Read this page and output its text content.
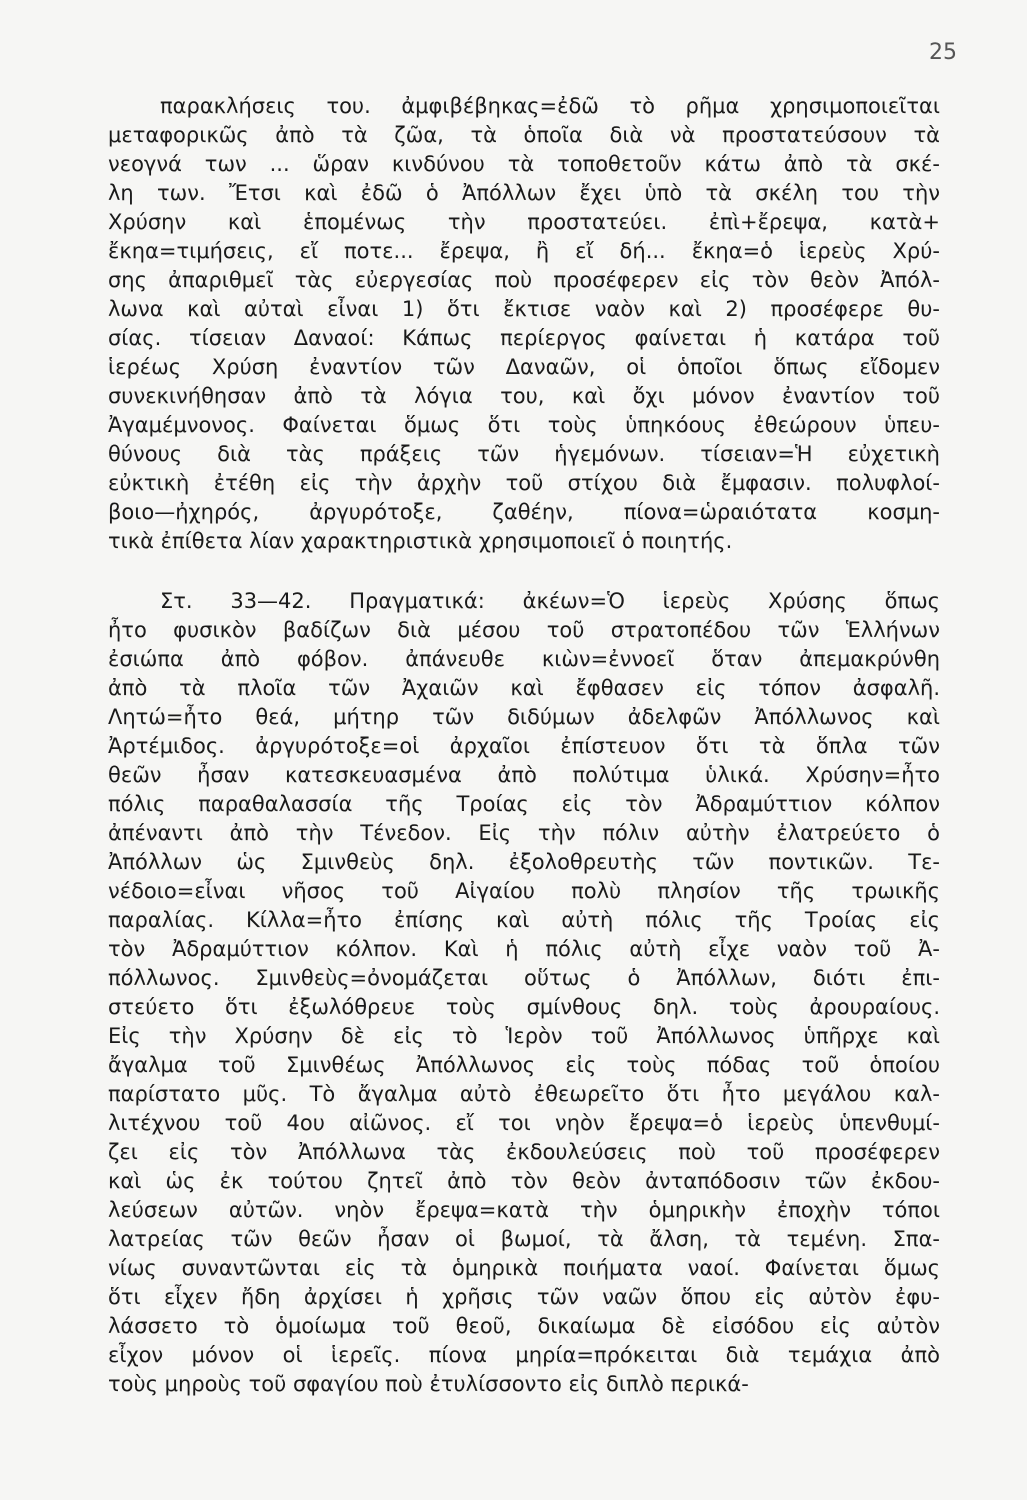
25
παρακλήσεις του. ἀμφιβέβηκας=ἐδῶ τὸ ρῆμα χρησιμοποιεῖται
μεταφορικῶς ἀπὸ τὰ ζῶα, τὰ ὁποῖα διὰ νὰ προστατεύσουν τὰ
νεογνά των ... ὥραν κινδύνου τὰ τοποθετοῦν κάτω ἀπὸ τὰ σκέ-
λη των. Ἔτσι καὶ ἐδῶ ὁ Ἀπόλλων ἔχει ὑπὸ τὰ σκέλη του τὴν
Χρύσην καὶ ἑπομένως τὴν προστατεύει. ἐπὶ+ἔρεψα, κατὰ+
ἔκηα=τιμήσεις, εἴ ποτε... ἔρεψα, ἢ εἴ δή... ἔκηα=ὁ ἱερεὺς Χρύ-
σης ἀπαριθμεῖ τὰς εὐεργεσίας ποὺ προσέφερεν εἰς τὸν θεὸν Ἀπόλ-
λωνα καὶ αὐταὶ εἶναι 1) ὅτι ἔκτισε ναὸν καὶ 2) προσέφερε θυ-
σίας. τίσειαν Δαναοί: Κάπως περίεργος φαίνεται ἡ κατάρα τοῦ
ἱερέως Χρύση ἐναντίον τῶν Δαναῶν, οἱ ὁποῖοι ὅπως εἴδομεν
συνεκινήθησαν ἀπὸ τὰ λόγια του, καὶ ὄχι μόνον ἐναντίον τοῦ
Ἀγαμέμνονος. Φαίνεται ὅμως ὅτι τοὺς ὑπηκόους ἐθεώρουν ὑπευ-
θύνους διὰ τὰς πράξεις τῶν ἡγεμόνων. τίσειαν=Ἡ εὐχετικὴ
εὐκτικὴ ἐτέθη εἰς τὴν ἀρχὴν τοῦ στίχου διὰ ἔμφασιν. πολυφλοί-
βοιο—ἠχηρός, ἀργυρότοξε, ζαθέην, πίονα=ὡραιότατα κοσμη-
τικὰ ἐπίθετα λίαν χαρακτηριστικὰ χρησιμοποιεῖ ὁ ποιητής.
Στ. 33—42. Πραγματικά: ἀκέων=Ὁ ἱερεὺς Χρύσης ὅπως
ἦτο φυσικὸν βαδίζων διὰ μέσου τοῦ στρατοπέδου τῶν Ἑλλήνων
ἐσιώπα ἀπὸ φόβον. ἀπάνευθε κιὼν=ἐννοεῖ ὅταν ἀπεμακρύνθη
ἀπὸ τὰ πλοῖα τῶν Ἀχαιῶν καὶ ἔφθασεν εἰς τόπον ἀσφαλῆ.
Λητώ=ἦτο θεά, μήτηρ τῶν διδύμων ἀδελφῶν Ἀπόλλωνος καὶ
Ἀρτέμιδος. ἀργυρότοξε=οἱ ἀρχαῖοι ἐπίστευον ὅτι τὰ ὅπλα τῶν
θεῶν ἦσαν κατεσκευασμένα ἀπὸ πολύτιμα ὑλικά. Χρύσην=ἦτο
πόλις παραθαλασσία τῆς Τροίας εἰς τὸν Ἀδραμύττιον κόλπον
ἀπέναντι ἀπὸ τὴν Τένεδον. Εἰς τὴν πόλιν αὐτὴν ἐλατρεύετο ὁ
Ἀπόλλων ὡς Σμινθεὺς δηλ. ἐξολοθρευτὴς τῶν ποντικῶν. Τε-
νέδοιο=εἶναι νῆσος τοῦ Αἰγαίου πολὺ πλησίον τῆς τρωικῆς
παραλίας. Κίλλα=ἦτο ἐπίσης καὶ αὐτὴ πόλις τῆς Τροίας εἰς
τὸν Ἀδραμύττιον κόλπον. Καὶ ἡ πόλις αὐτὴ εἶχε ναὸν τοῦ Ἀ-
πόλλωνος. Σμινθεὺς=ὀνομάζεται οὕτως ὁ Ἀπόλλων, διότι ἐπι-
στεύετο ὅτι ἐξωλόθρευε τοὺς σμίνθους δηλ. τοὺς ἀρουραίους.
Εἰς τὴν Χρύσην δὲ εἰς τὸ Ἱερὸν τοῦ Ἀπόλλωνος ὑπῆρχε καὶ
ἄγαλμα τοῦ Σμινθέως Ἀπόλλωνος εἰς τοὺς πόδας τοῦ ὁποίου
παρίστατο μῦς. Τὸ ἄγαλμα αὐτὸ ἐθεωρεῖτο ὅτι ἦτο μεγάλου καλ-
λιτέχνου τοῦ 4ου αἰῶνος. εἴ τοι νηὸν ἔρεψα=ὁ ἱερεὺς ὑπενθυμί-
ζει εἰς τὸν Ἀπόλλωνα τὰς ἐκδουλεύσεις ποὺ τοῦ προσέφερεν
καὶ ὡς ἐκ τούτου ζητεῖ ἀπὸ τὸν θεὸν ἀνταπόδοσιν τῶν ἐκδου-
λεύσεων αὐτῶν. νηὸν ἔρεψα=κατὰ τὴν ὁμηρικὴν ἐποχὴν τόποι
λατρείας τῶν θεῶν ἦσαν οἱ βωμοί, τὰ ἄλση, τὰ τεμένη. Σπα-
νίως συναντῶνται εἰς τὰ ὁμηρικὰ ποιήματα ναοί. Φαίνεται ὅμως
ὅτι εἶχεν ἤδη ἀρχίσει ἡ χρῆσις τῶν ναῶν ὅπου εἰς αὐτὸν ἐφυ-
λάσσετο τὸ ὁμοίωμα τοῦ θεοῦ, δικαίωμα δὲ εἰσόδου εἰς αὐτὸν
εἶχον μόνον οἱ ἱερεῖς. πίονα μηρία=πρόκειται διὰ τεμάχια ἀπὸ
τοὺς μηροὺς τοῦ σφαγίου ποὺ ἐτυλίσσοντο εἰς διπλὸ περικά-
